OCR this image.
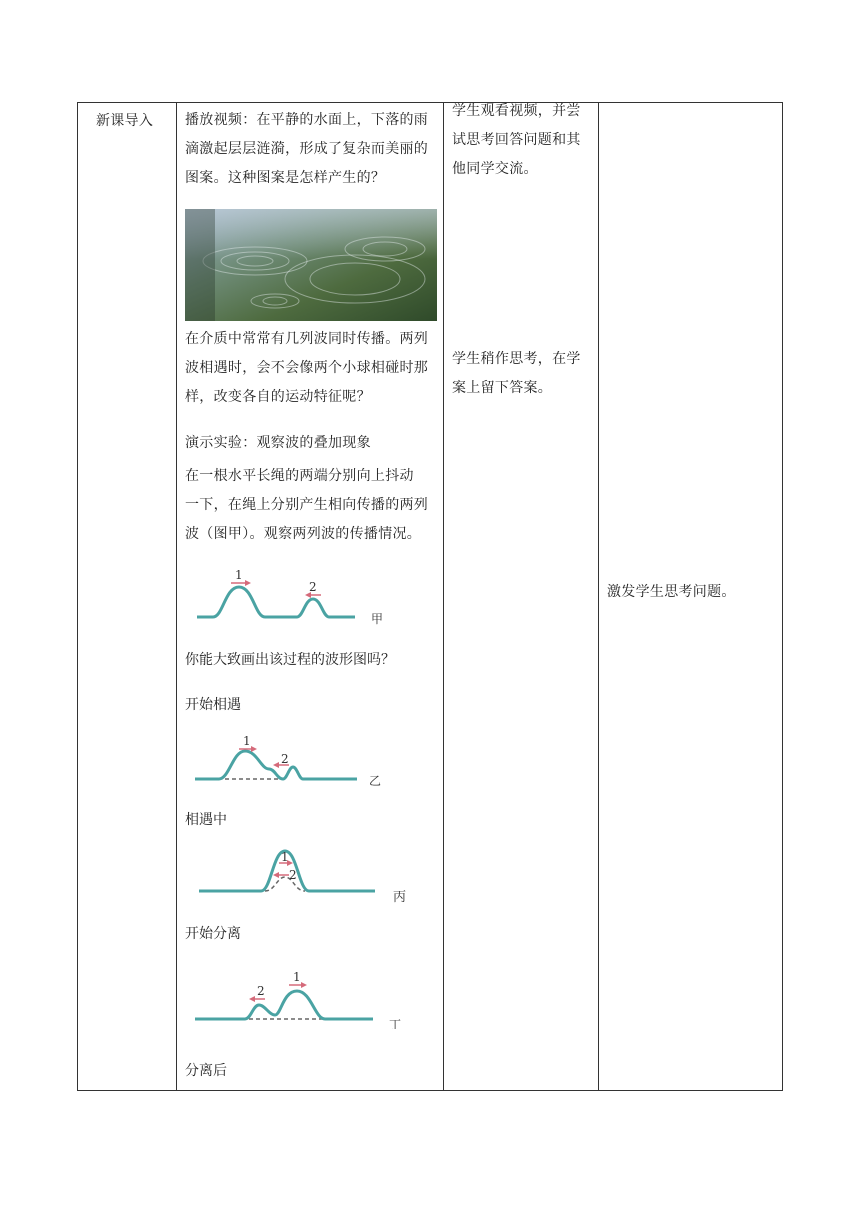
新课导入 播放视频：在平静的水面上，下落的雨
滴激起层层涟漪，形成了复杂而美丽的
图案。这种图案是怎样产生的？
在介质中常常有几列波同时传播。两列
波相遇时，会不会像两个小球相碰时那
样，改变各自的运动特征呢？
演示实验：观察波的叠加现象
在一根水平长绳的两端分别向上抖动
一下，在绳上分别产生相向传播的两列
波（图甲）。观察两列波的传播情况。
1
2
甲
你能大致画出该过程的波形图吗？
开始相遇
1
2
乙
相遇中
1
2
丙
开始分离
1
2
丁
分离后
学生观看视频，并尝
试思考回答问题和其
他同学交流。
学生稍作思考，在学
案上留下答案。
激发学生思考问题。
